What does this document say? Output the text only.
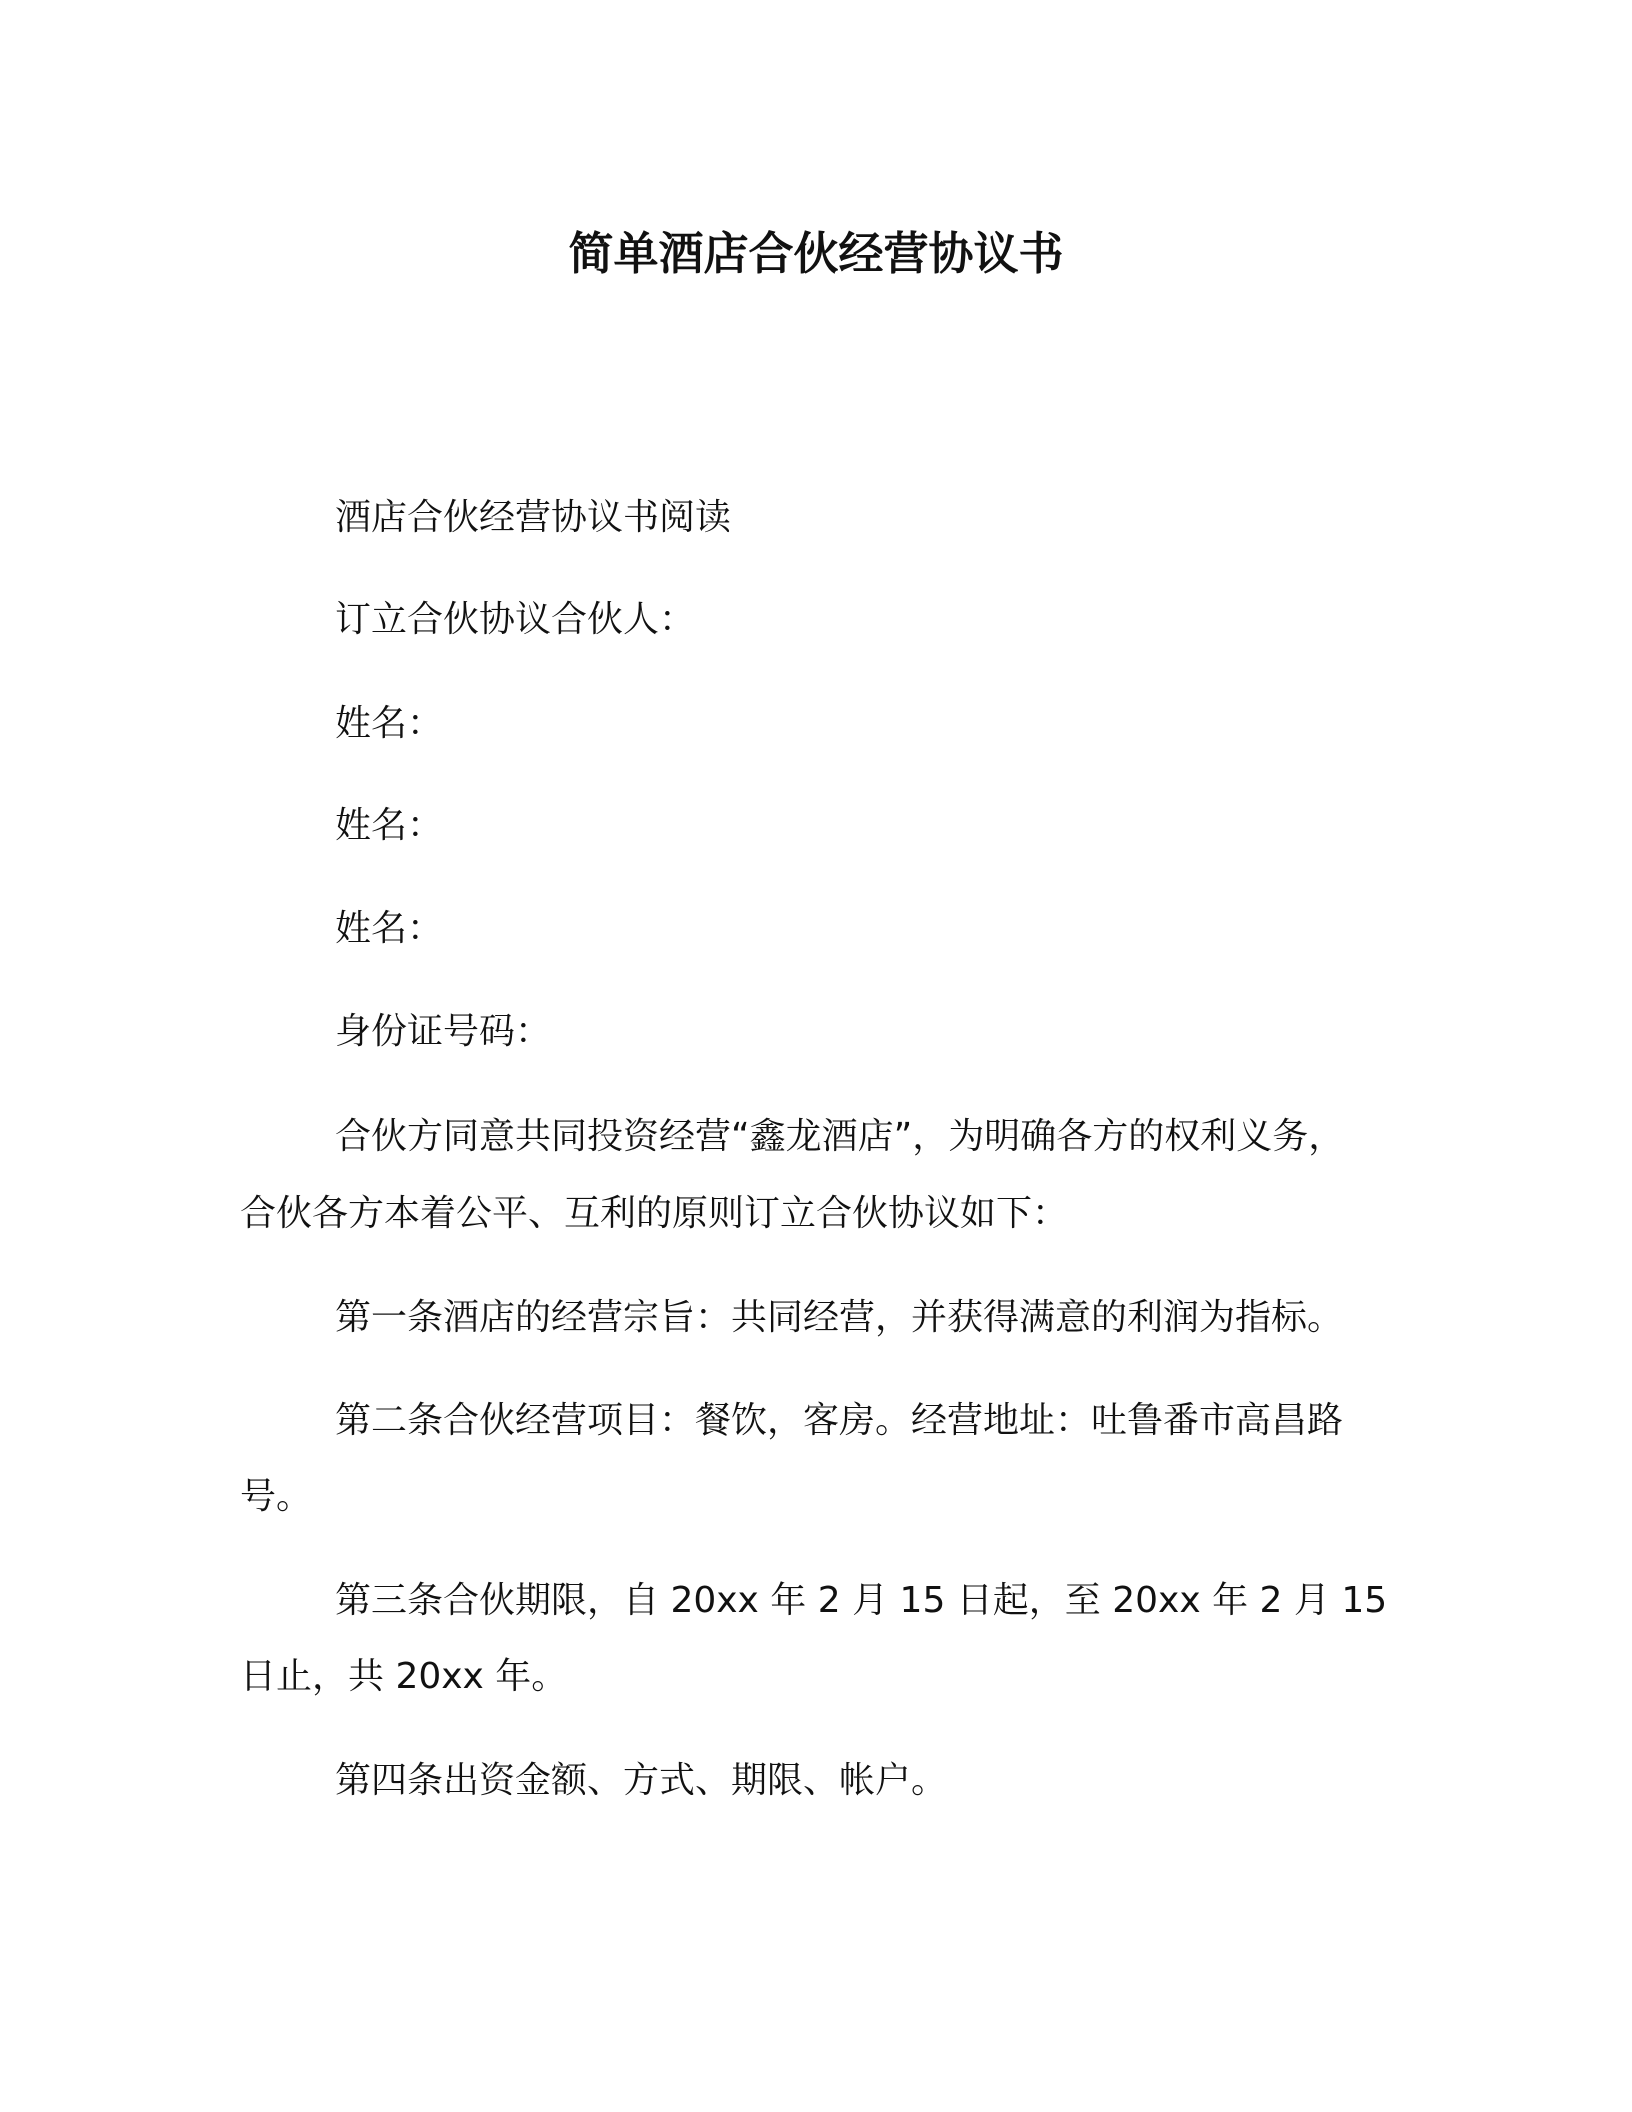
简单酒店合伙经营协议书
酒店合伙经营协议书阅读
订立合伙协议合伙人：
姓名：
姓名：
姓名：
身份证号码：
合伙方同意共同投资经营“鑫龙酒店”，为明确各方的权利义务，
合伙各方本着公平、互利的原则订立合伙协议如下：
第一条酒店的经营宗旨：共同经营，并获得满意的利润为指标。
第二条合伙经营项目：餐饮，客房。经营地址：吐鲁番市高昌路
号。
第三条合伙期限，自 20xx 年 2 月 15 日起，至 20xx 年 2 月 15
日止，共 20xx 年。
第四条出资金额、方式、期限、帐户。
